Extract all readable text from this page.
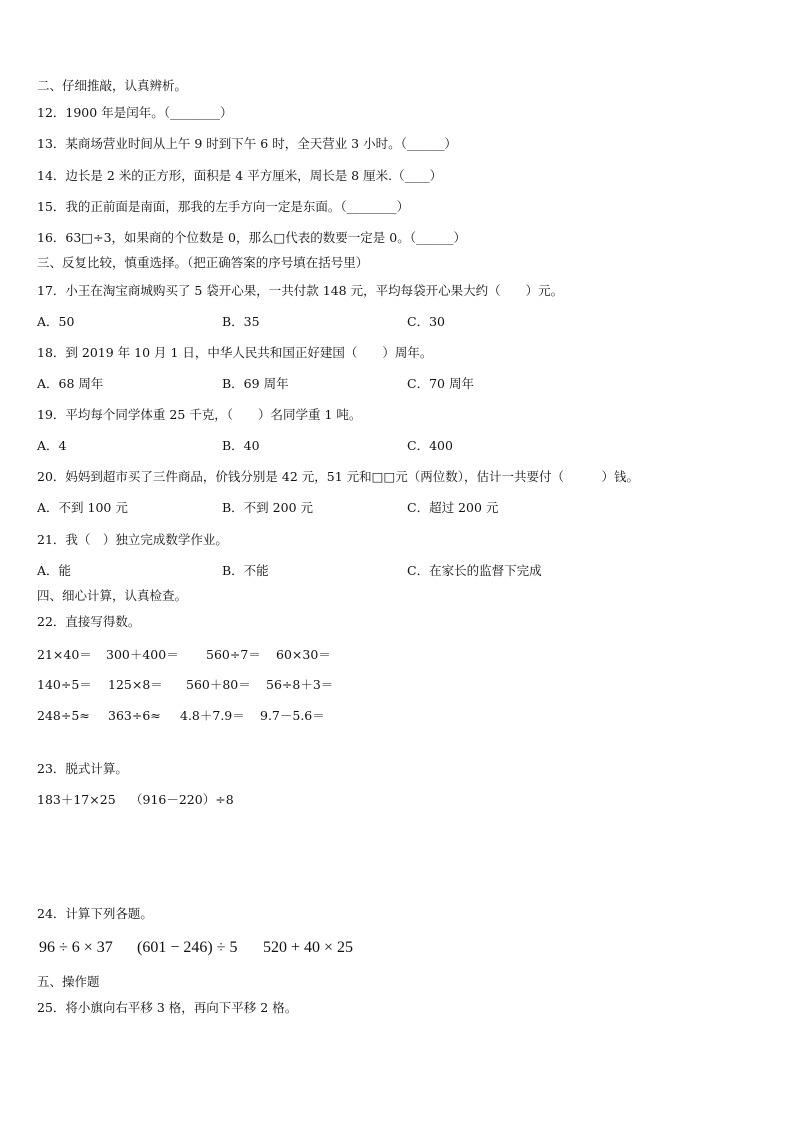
二、仔细推敲，认真辨析。
12．1900 年是闰年。（________）
13．某商场营业时间从上午 9 时到下午 6 时，全天营业 3 小时。（______）
14．边长是 2 米的正方形，面积是 4 平方厘米，周长是 8 厘米.（____）
15．我的正前面是南面，那我的左手方向一定是东面。（________）
16．63□÷3，如果商的个位数是 0，那么□代表的数要一定是 0。（______）
三、反复比较，慎重选择。（把正确答案的序号填在括号里）
17．小王在淘宝商城购买了 5 袋开心果，一共付款 148 元，平均每袋开心果大约（　　）元。
A．50	B．35	C．30
18．到 2019 年 10 月 1 日，中华人民共和国正好建国（　　）周年。
A．68 周年	B．69 周年	C．70 周年
19．平均每个同学体重 25 千克，（　　）名同学重 1 吨。
A．4	B．40	C．400
20．妈妈到超市买了三件商品，价钱分别是 42 元，51 元和□□元（两位数），估计一共要付（　　　）钱。
A．不到 100 元	B．不到 200 元	C．超过 200 元
21．我（　）独立完成数学作业。
A．能	B．不能	C．在家长的监督下完成
四、细心计算，认真检查。
22．直接写得数。
21×40＝ 300＋400＝ 560÷7＝ 60×30＝
140÷5＝ 125×8＝ 560＋80＝ 56÷8＋3＝
248÷5≈ 363÷6≈ 4.8＋7.9＝ 9.7－5.6＝
23．脱式计算。
183＋17×25 （916－220）÷8
24．计算下列各题。
96 ÷ 6 × 37 (601 − 246) ÷ 5 520 + 40 × 25
五、操作题
25．将小旗向右平移 3 格，再向下平移 2 格。
